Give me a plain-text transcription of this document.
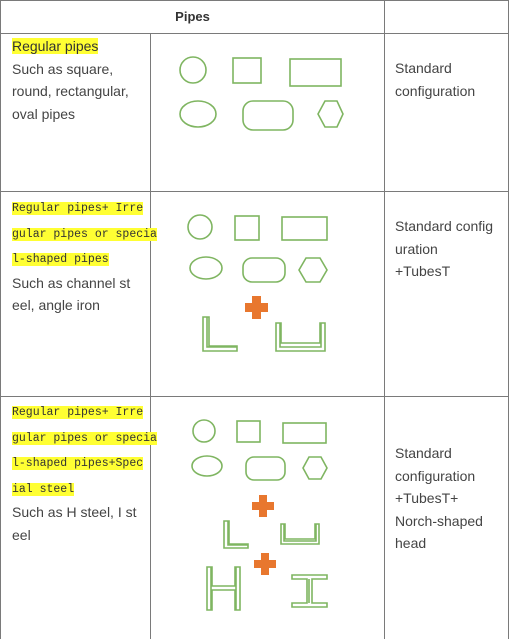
Pipes
Regular pipes
Such as square,
round, rectangular,
oval pipes
Standard
configuration
Regular pipes+ Irre
gular pipes or specia
l-shaped pipes
Such as channel st
eel, angle iron
Standard config
uration
+TubesT
Regular pipes+ Irre
gular pipes or specia
l-shaped pipes+Spec
ial steel
Such as H steel, I st
eel
Standard
configuration
+TubesT+
Norch-shaped
head
